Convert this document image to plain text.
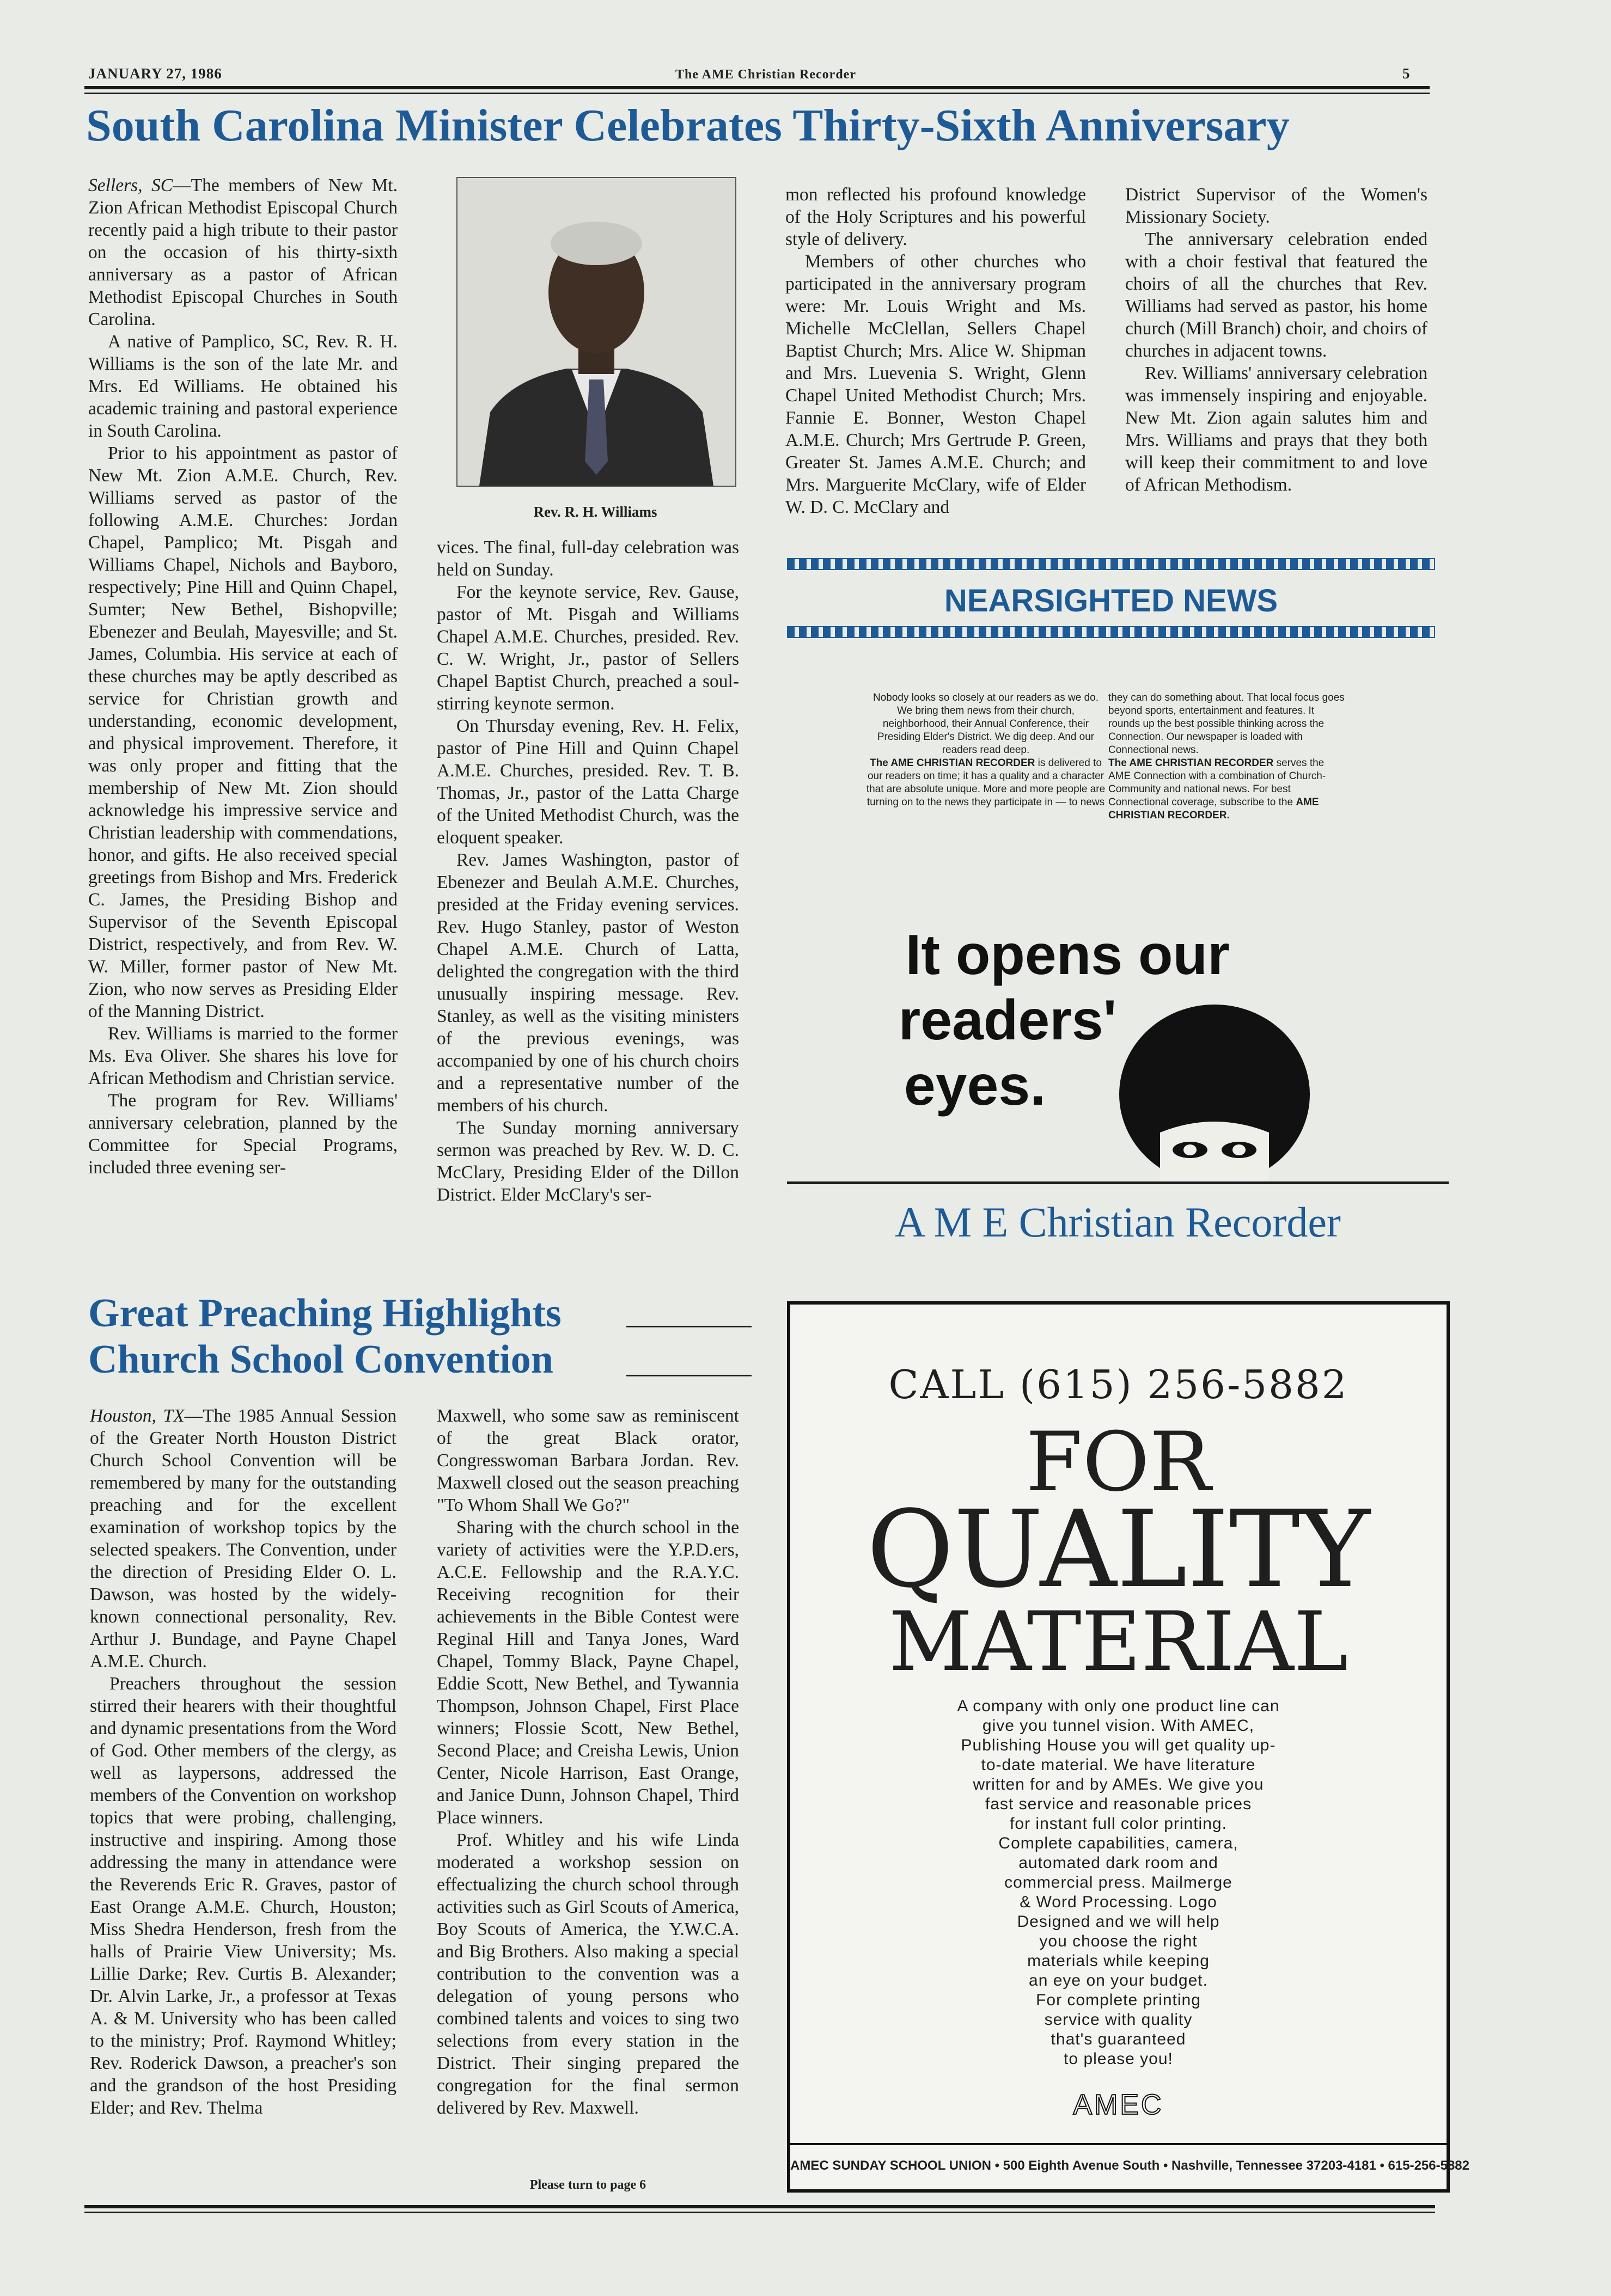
JANUARY 27, 1986	The AME Christian Recorder	5
South Carolina Minister Celebrates Thirty-Sixth Anniversary

Sellers, SC—The members of New Mt. Zion African Methodist Episcopal Church recently paid a high tribute to their pastor on the occasion of his thirty-sixth anniversary as a pastor of African Methodist Episcopal Churches in South Carolina.

A native of Pamplico, SC, Rev. R. H. Williams is the son of the late Mr. and Mrs. Ed Williams. He obtained his academic training and pastoral experience in South Carolina.

Prior to his appointment as pastor of New Mt. Zion A.M.E. Church, Rev. Williams served as pastor of the following A.M.E. Churches: Jordan Chapel, Pamplico; Mt. Pisgah and Williams Chapel, Nichols and Bayboro, respectively; Pine Hill and Quinn Chapel, Sumter; New Bethel, Bishopville; Ebenezer and Beulah, Mayesville; and St. James, Columbia. His service at each of these churches may be aptly described as service for Christian growth and understanding, economic development, and physical improvement. Therefore, it was only proper and fitting that the membership of New Mt. Zion should acknowledge his impressive service and Christian leadership with commendations, honor, and gifts. He also received special greetings from Bishop and Mrs. Frederick C. James, the Presiding Bishop and Supervisor of the Seventh Episcopal District, respectively, and from Rev. W. W. Miller, former pastor of New Mt. Zion, who now serves as Presiding Elder of the Manning District.

Rev. Williams is married to the former Ms. Eva Oliver. She shares his love for African Methodism and Christian service.

The program for Rev. Williams' anniversary celebration, planned by the Committee for Special Programs, included three evening ser-

Rev. R. H. Williams

vices. The final, full-day celebration was held on Sunday.

For the keynote service, Rev. Gause, pastor of Mt. Pisgah and Williams Chapel A.M.E. Churches, presided. Rev. C. W. Wright, Jr., pastor of Sellers Chapel Baptist Church, preached a soul-stirring keynote sermon.

On Thursday evening, Rev. H. Felix, pastor of Pine Hill and Quinn Chapel A.M.E. Churches, presided. Rev. T. B. Thomas, Jr., pastor of the Latta Charge of the United Methodist Church, was the eloquent speaker.

Rev. James Washington, pastor of Ebenezer and Beulah A.M.E. Churches, presided at the Friday evening services. Rev. Hugo Stanley, pastor of Weston Chapel A.M.E. Church of Latta, delighted the congregation with the third unusually inspiring message. Rev. Stanley, as well as the visiting ministers of the previous evenings, was accompanied by one of his church choirs and a representative number of the members of his church.

The Sunday morning anniversary sermon was preached by Rev. W. D. C. McClary, Presiding Elder of the Dillon District. Elder McClary's ser-

mon reflected his profound knowledge of the Holy Scriptures and his powerful style of delivery.

Members of other churches who participated in the anniversary program were: Mr. Louis Wright and Ms. Michelle McClellan, Sellers Chapel Baptist Church; Mrs. Alice W. Shipman and Mrs. Luevenia S. Wright, Glenn Chapel United Methodist Church; Mrs. Fannie E. Bonner, Weston Chapel A.M.E. Church; Mrs Gertrude P. Green, Greater St. James A.M.E. Church; and Mrs. Marguerite McClary, wife of Elder W. D. C. McClary and

District Supervisor of the Women's Missionary Society.

The anniversary celebration ended with a choir festival that featured the choirs of all the churches that Rev. Williams had served as pastor, his home church (Mill Branch) choir, and choirs of churches in adjacent towns.

Rev. Williams' anniversary celebration was immensely inspiring and enjoyable. New Mt. Zion again salutes him and Mrs. Williams and prays that they both will keep their commitment to and love of African Methodism.

NEARSIGHTED NEWS

Nobody looks so closely at our readers as we do. We bring them news from their church, neighborhood, their Annual Conference, their Presiding Elder's District. We dig deep. And our readers read deep.

The AME CHRISTIAN RECORDER is delivered to our readers on time; it has a quality and a character that are absolute unique. More and more people are turning on to the news they participate in — to news

they can do something about. That local focus goes beyond sports, entertainment and features. It rounds up the best possible thinking across the Connection. Our newspaper is loaded with Connectional news.

The AME CHRISTIAN RECORDER serves the AME Connection with a combination of Church-Community and national news. For best Connectional coverage, subscribe to the AME CHRISTIAN RECORDER.

It opens our
readers'
eyes.
A M E Christian Recorder
Great Preaching Highlights
Church School Convention

Houston, TX—The 1985 Annual Session of the Greater North Houston District Church School Convention will be remembered by many for the outstanding preaching and for the excellent examination of workshop topics by the selected speakers. The Convention, under the direction of Presiding Elder O. L. Dawson, was hosted by the widely-known connectional personality, Rev. Arthur J. Bundage, and Payne Chapel A.M.E. Church.

Preachers throughout the session stirred their hearers with their thoughtful and dynamic presentations from the Word of God. Other members of the clergy, as well as laypersons, addressed the members of the Convention on workshop topics that were probing, challenging, instructive and inspiring. Among those addressing the many in attendance were the Reverends Eric R. Graves, pastor of East Orange A.M.E. Church, Houston; Miss Shedra Henderson, fresh from the halls of Prairie View University; Ms. Lillie Darke; Rev. Curtis B. Alexander; Dr. Alvin Larke, Jr., a professor at Texas A. & M. University who has been called to the ministry; Prof. Raymond Whitley; Rev. Roderick Dawson, a preacher's son and the grandson of the host Presiding Elder; and Rev. Thelma

Maxwell, who some saw as reminiscent of the great Black orator, Congresswoman Barbara Jordan. Rev. Maxwell closed out the season preaching "To Whom Shall We Go?"

Sharing with the church school in the variety of activities were the Y.P.D.ers, A.C.E. Fellowship and the R.A.Y.C. Receiving recognition for their achievements in the Bible Contest were Reginal Hill and Tanya Jones, Ward Chapel, Tommy Black, Payne Chapel, Eddie Scott, New Bethel, and Tywannia Thompson, Johnson Chapel, First Place winners; Flossie Scott, New Bethel, Second Place; and Creisha Lewis, Union Center, Nicole Harrison, East Orange, and Janice Dunn, Johnson Chapel, Third Place winners.

Prof. Whitley and his wife Linda moderated a workshop session on effectualizing the church school through activities such as Girl Scouts of America, Boy Scouts of America, the Y.W.C.A. and Big Brothers. Also making a special contribution to the convention was a delegation of young persons who combined talents and voices to sing two selections from every station in the District. Their singing prepared the congregation for the final sermon delivered by Rev. Maxwell.

Please turn to page 6
CALL (615) 256-5882
FOR
QUALITY
MATERIAL
A company with only one product line can
give you tunnel vision. With AMEC,
Publishing House you will get quality up-
to-date material. We have literature
written for and by AMEs. We give you
fast service and reasonable prices
for instant full color printing.
Complete capabilities, camera,
automated dark room and
commercial press. Mailmerge
& Word Processing. Logo
Designed and we will help
you choose the right
materials while keeping
an eye on your budget.
For complete printing
service with quality
that's guaranteed
to please you!
AMEC
AMEC SUNDAY SCHOOL UNION • 500 Eighth Avenue South • Nashville, Tennessee 37203-4181 • 615-256-5882
